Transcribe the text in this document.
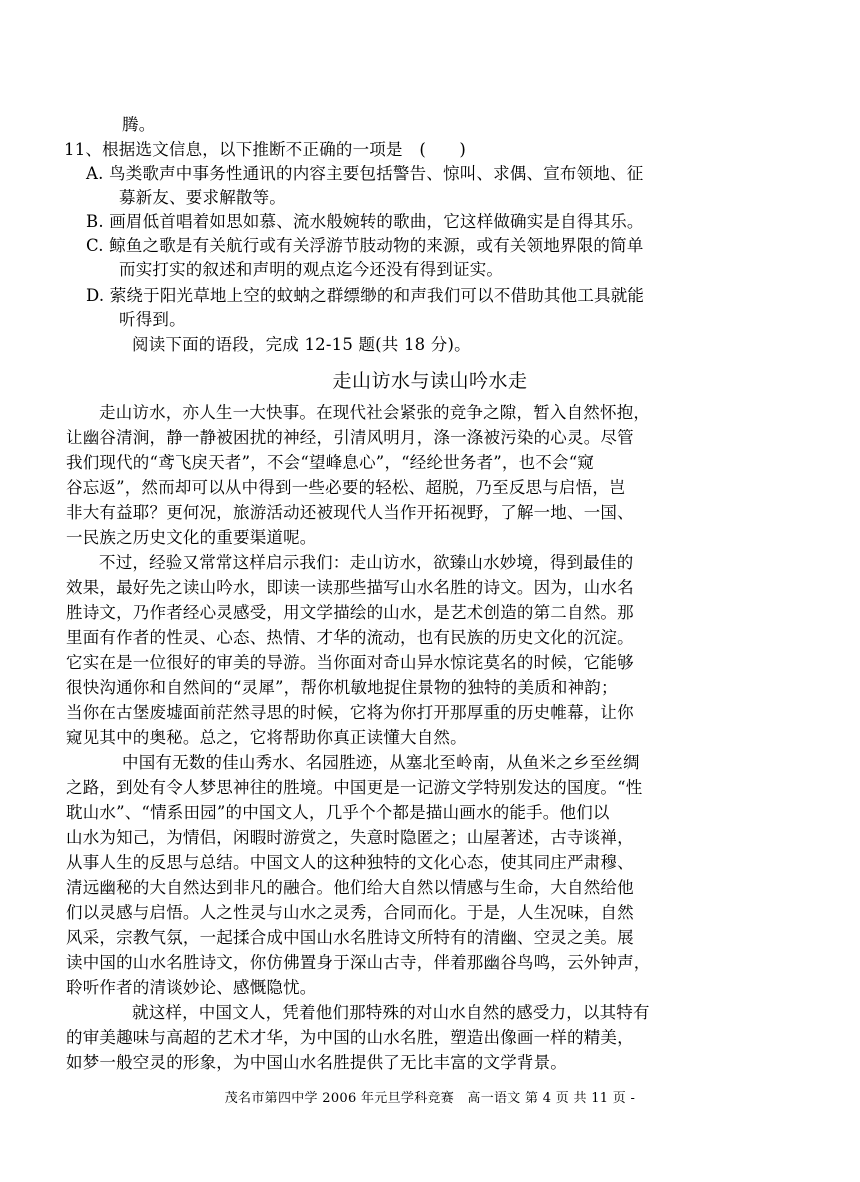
腾。
11、根据选文信息，以下推断不正确的一项是　(　　)
A. 鸟类歌声中事务性通讯的内容主要包括警告、惊叫、求偶、宣布领地、征
募新友、要求解散等。
B. 画眉低首唱着如思如慕、流水般婉转的歌曲，它这样做确实是自得其乐。
C. 鲸鱼之歌是有关航行或有关浮游节肢动物的来源，或有关领地界限的简单
而实打实的叙述和声明的观点迄今还没有得到证实。
D. 萦绕于阳光草地上空的蚊蚋之群缥缈的和声我们可以不借助其他工具就能
听得到。
阅读下面的语段，完成 12-15 题(共 18 分)。
走山访水与读山吟水走
走山访水，亦人生一大快事。在现代社会紧张的竞争之隙，暂入自然怀抱，
让幽谷清涧，静一静被困扰的神经，引清风明月，涤一涤被污染的心灵。尽管
我们现代的“鸢飞戾天者”，不会“望峰息心”，“经纶世务者”，也不会“窥
谷忘返”，然而却可以从中得到一些必要的轻松、超脱，乃至反思与启悟，岂
非大有益耶？更何况，旅游活动还被现代人当作开拓视野，了解一地、一国、
一民族之历史文化的重要渠道呢。
不过，经验又常常这样启示我们：走山访水，欲臻山水妙境，得到最佳的
效果，最好先之读山吟水，即读一读那些描写山水名胜的诗文。因为，山水名
胜诗文，乃作者经心灵感受，用文学描绘的山水，是艺术创造的第二自然。那
里面有作者的性灵、心态、热情、才华的流动，也有民族的历史文化的沉淀。
它实在是一位很好的审美的导游。当你面对奇山异水惊诧莫名的时候，它能够
很快沟通你和自然间的“灵犀”，帮你机敏地捉住景物的独特的美质和神韵；
当你在古堡废墟面前茫然寻思的时候，它将为你打开那厚重的历史帷幕，让你
窥见其中的奥秘。总之，它将帮助你真正读懂大自然。
中国有无数的佳山秀水、名园胜迹，从塞北至岭南，从鱼米之乡至丝绸
之路，到处有令人梦思神往的胜境。中国更是一记游文学特别发达的国度。“性
耽山水”、“情系田园”的中国文人，几乎个个都是描山画水的能手。他们以
山水为知己，为情侣，闲暇时游赏之，失意时隐匿之；山屋著述，古寺谈禅，
从事人生的反思与总结。中国文人的这种独特的文化心态，使其同庄严肃穆、
清远幽秘的大自然达到非凡的融合。他们给大自然以情感与生命，大自然给他
们以灵感与启悟。人之性灵与山水之灵秀，合同而化。于是，人生况味，自然
风采，宗教气氛，一起揉合成中国山水名胜诗文所特有的清幽、空灵之美。展
读中国的山水名胜诗文，你仿佛置身于深山古寺，伴着那幽谷鸟鸣，云外钟声，
聆听作者的清谈妙论、感慨隐忧。
就这样，中国文人，凭着他们那特殊的对山水自然的感受力，以其特有
的审美趣味与高超的艺术才华，为中国的山水名胜，塑造出像画一样的精美，
如梦一般空灵的形象，为中国山水名胜提供了无比丰富的文学背景。
茂名市第四中学 2006 年元旦学科竞赛　高一语文 第 4 页 共 11 页 -
